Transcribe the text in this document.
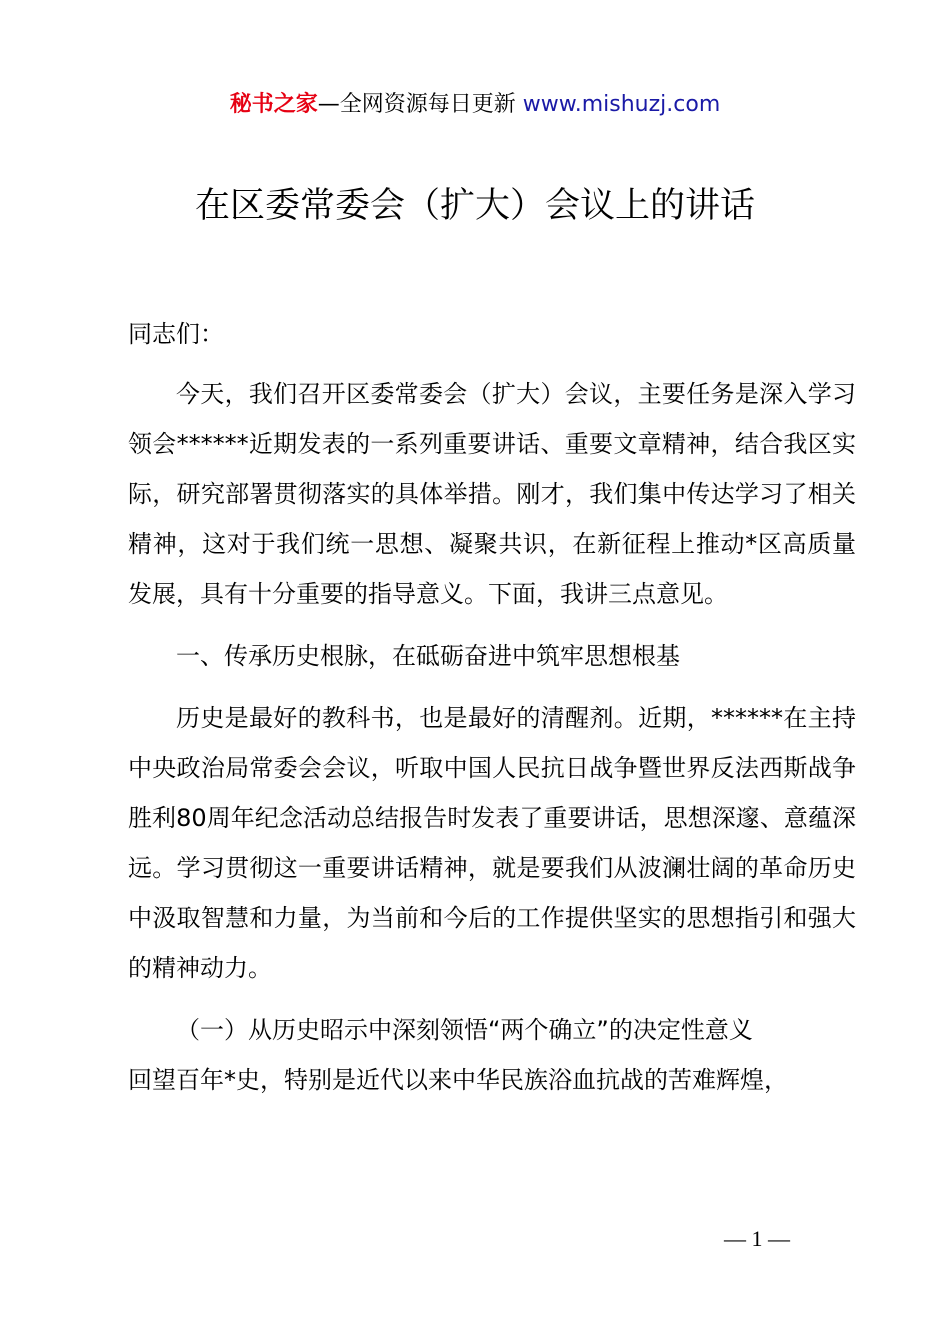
秘书之家—全网资源每日更新 www.mishuzj.com
在区委常委会（扩大）会议上的讲话

同志们：

今天，我们召开区委常委会（扩大）会议，主要任务是深入学习领会******近期发表的一系列重要讲话、重要文章精神，结合我区实际，研究部署贯彻落实的具体举措。刚才，我们集中传达学习了相关精神，这对于我们统一思想、凝聚共识，在新征程上推动*区高质量发展，具有十分重要的指导意义。下面，我讲三点意见。

一、传承历史根脉，在砥砺奋进中筑牢思想根基

历史是最好的教科书，也是最好的清醒剂。近期，******在主持中央政治局常委会会议，听取中国人民抗日战争暨世界反法西斯战争胜利80周年纪念活动总结报告时发表了重要讲话，思想深邃、意蕴深远。学习贯彻这一重要讲话精神，就是要我们从波澜壮阔的革命历史中汲取智慧和力量，为当前和今后的工作提供坚实的思想指引和强大的精神动力。

（一）从历史昭示中深刻领悟“两个确立”的决定性意义

回望百年*史，特别是近代以来中华民族浴血抗战的苦难辉煌，

— 1 —
